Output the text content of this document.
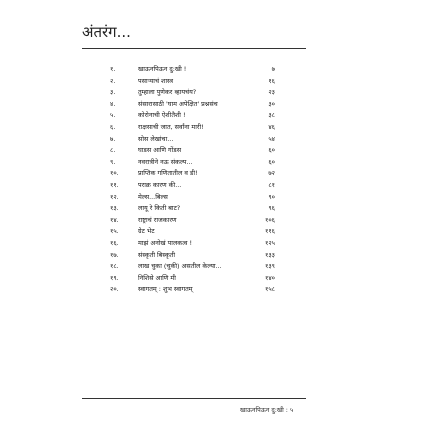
अंतरंग...
१.	खाऊनपिऊन दु:खी !	७
२.	पसाऱ्याचं शास्त्र	१६
३.	तुम्हाला पुणेकर व्हायचंय?	२३
४.	संसारासाठी 'घाम अपेक्षित' प्रश्नसंच	३०
५.	कोरोनाची ऐशीतैशी !	३८
६.	राक्षसाची जात, सर्वांना मारी!	४६
७.	सोस लेखांचा...	५४
८.	घाडस आणि गोंडस	६०
९.	नवरात्रीने नऊ संकल्प...	६०
१०.	प्राप्तिक गणितातील व डी!	७२
११.	पराक्र कारण की...	८१
१२.	मेल्स...बिल्स	९०
१३.	लायू रे किती बाट?	९६
१४.	राष्ट्राचं राजकारण	१०६
१५.	ग्रेट भेट	११६
१६.	माझं अनोखं पालकत्व !	१२५
१७.	संस्कृती बिस्कृती	१३३
१८.	लाख चुका (चुकी) असतील केल्या...	१३९
१९.	निशिसे आणि मी	१४०
२०.	स्वागतम् : शुभ स्वागतम्	१५८
खाऊनपिऊन दु:खी : ५
